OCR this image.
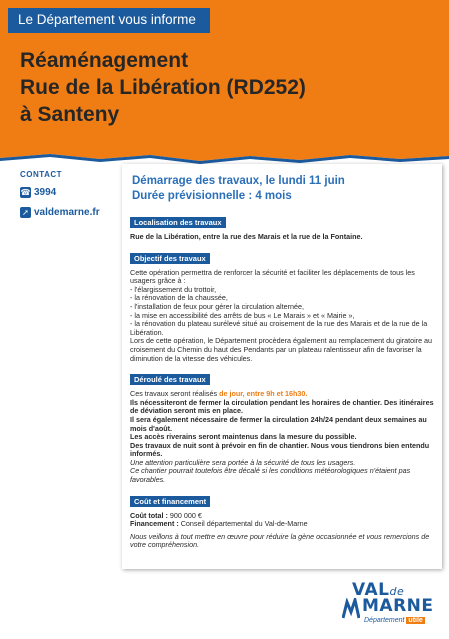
Le Département vous informe
Réaménagement
Rue de la Libération (RD252)
à Santeny
CONTACT
☎ 3994
➚ valdemarne.fr
Démarrage des travaux, le lundi 11 juin
Durée prévisionnelle : 4 mois
Localisation des travaux
Rue de la Libération, entre la rue des Marais et la rue de la Fontaine.
Objectif des travaux
Cette opération permettra de renforcer la sécurité et faciliter les déplacements de tous les usagers grâce à :
- l'élargissement du trottoir,
- la rénovation de la chaussée,
- l'installation de feux pour gérer la circulation alternée,
- la mise en accessibilité des arrêts de bus « Le Marais » et « Mairie »,
- la rénovation du plateau surélevé situé au croisement de la rue des Marais et de la rue de la Libération.
Lors de cette opération, le Département procèdera également au remplacement du giratoire au croisement du Chemin du haut des Pendants par un plateau ralentisseur afin de favoriser la diminution de la vitesse des véhicules.
Déroulé des travaux
Ces travaux seront réalisés de jour, entre 9h et 16h30.
Ils nécessiteront de fermer la circulation pendant les horaires de chantier. Des itinéraires de déviation seront mis en place.
Il sera également nécessaire de fermer la circulation 24h/24 pendant deux semaines au mois d'août.
Les accès riverains seront maintenus dans la mesure du possible.
Des travaux de nuit sont à prévoir en fin de chantier. Nous vous tiendrons bien entendu informés.
Une attention particulière sera portée à la sécurité de tous les usagers.
Ce chantier pourrait toutefois être décalé si les conditions météorologiques n'étaient pas favorables.
Coût et financement
Coût total : 900 000 €
Financement : Conseil départemental du Val-de-Marne
Nous veillons à tout mettre en œuvre pour réduire la gène occasionnée et vous remercions de votre compréhension.
VALde
MARNE
Département utile
